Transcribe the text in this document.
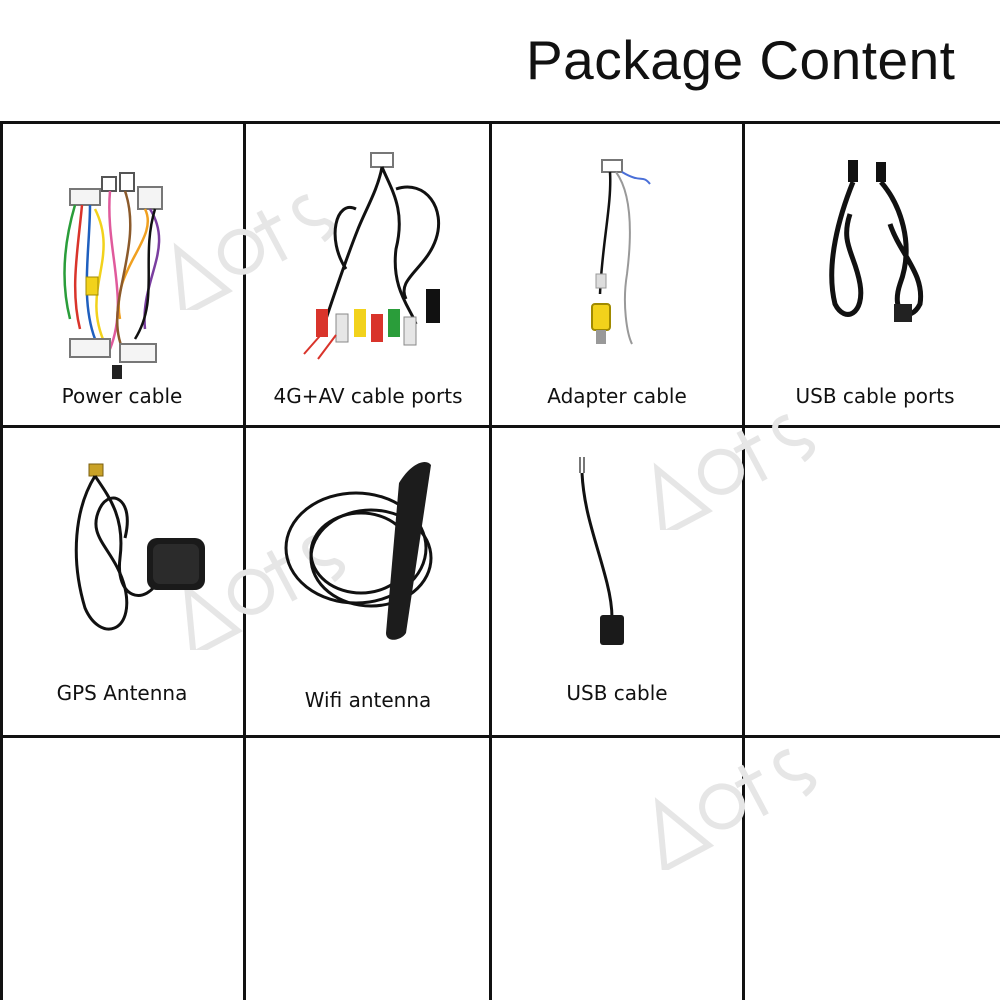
Package Content
Power cable	4G+AV cable ports	Adapter cable	USB cable ports
GPS Antenna	Wifi antenna	USB cable
